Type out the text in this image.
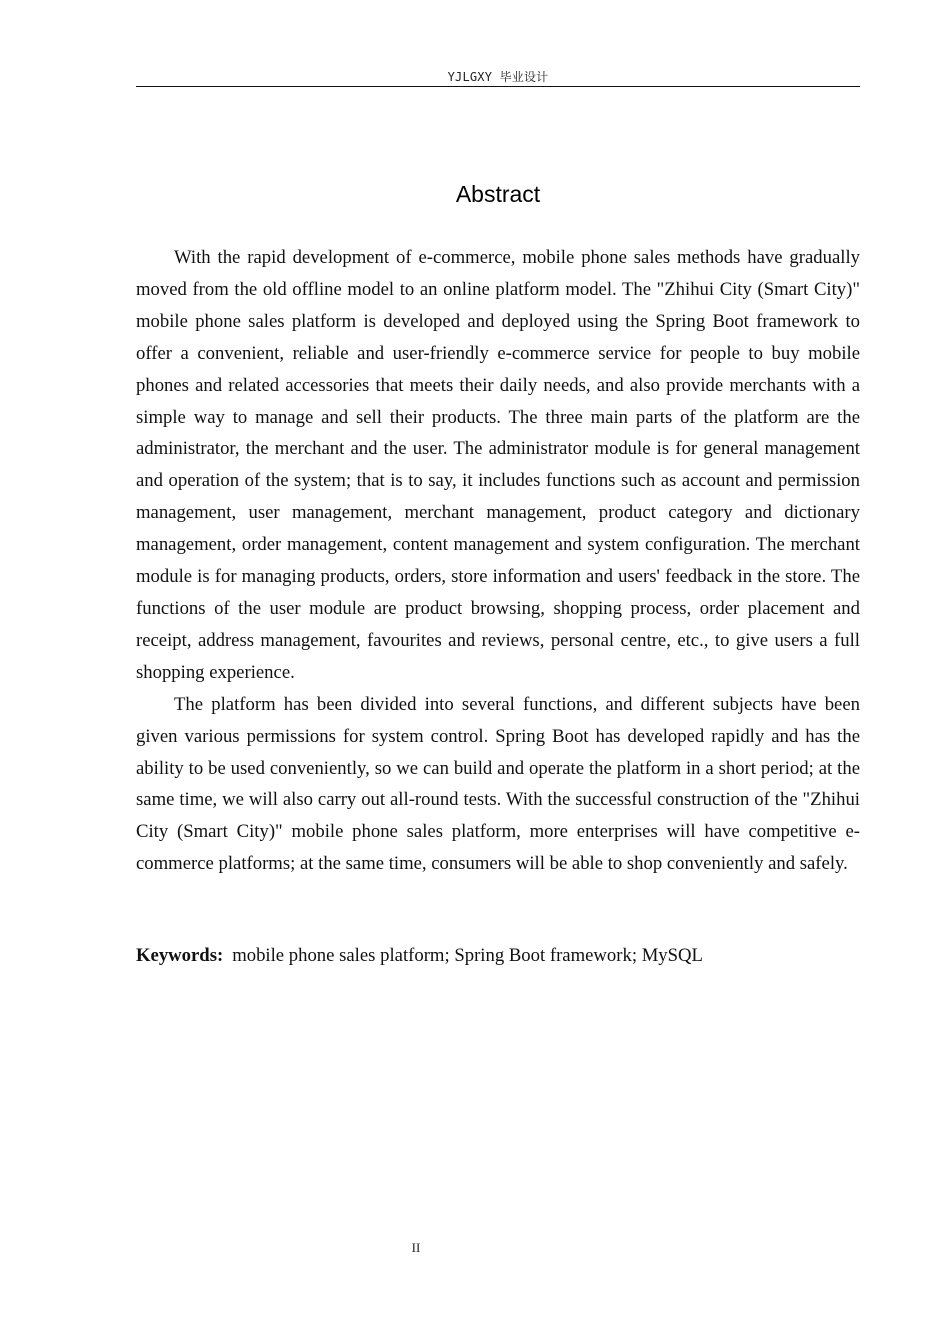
YJLGXY 毕业设计
Abstract

With the rapid development of e-commerce, mobile phone sales methods have gradually moved from the old offline model to an online platform model. The "Zhihui City (Smart City)" mobile phone sales platform is developed and deployed using the Spring Boot framework to offer a convenient, reliable and user-friendly e-commerce service for people to buy mobile phones and related accessories that meets their daily needs, and also provide merchants with a simple way to manage and sell their products. The three main parts of the platform are the administrator, the merchant and the user. The administrator module is for general management and operation of the system; that is to say, it includes functions such as account and permission management, user management, merchant management, product category and dictionary management, order management, content management and system configuration. The merchant module is for managing products, orders, store information and users' feedback in the store. The functions of the user module are product browsing, shopping process, order placement and receipt, address management, favourites and reviews, personal centre, etc., to give users a full shopping experience.

The platform has been divided into several functions, and different subjects have been given various permissions for system control. Spring Boot has developed rapidly and has the ability to be used conveniently, so we can build and operate the platform in a short period; at the same time, we will also carry out all-round tests. With the successful construction of the "Zhihui City (Smart City)" mobile phone sales platform, more enterprises will have competitive e-commerce platforms; at the same time, consumers will be able to shop conveniently and safely.

Keywords: mobile phone sales platform; Spring Boot framework; MySQL
II
